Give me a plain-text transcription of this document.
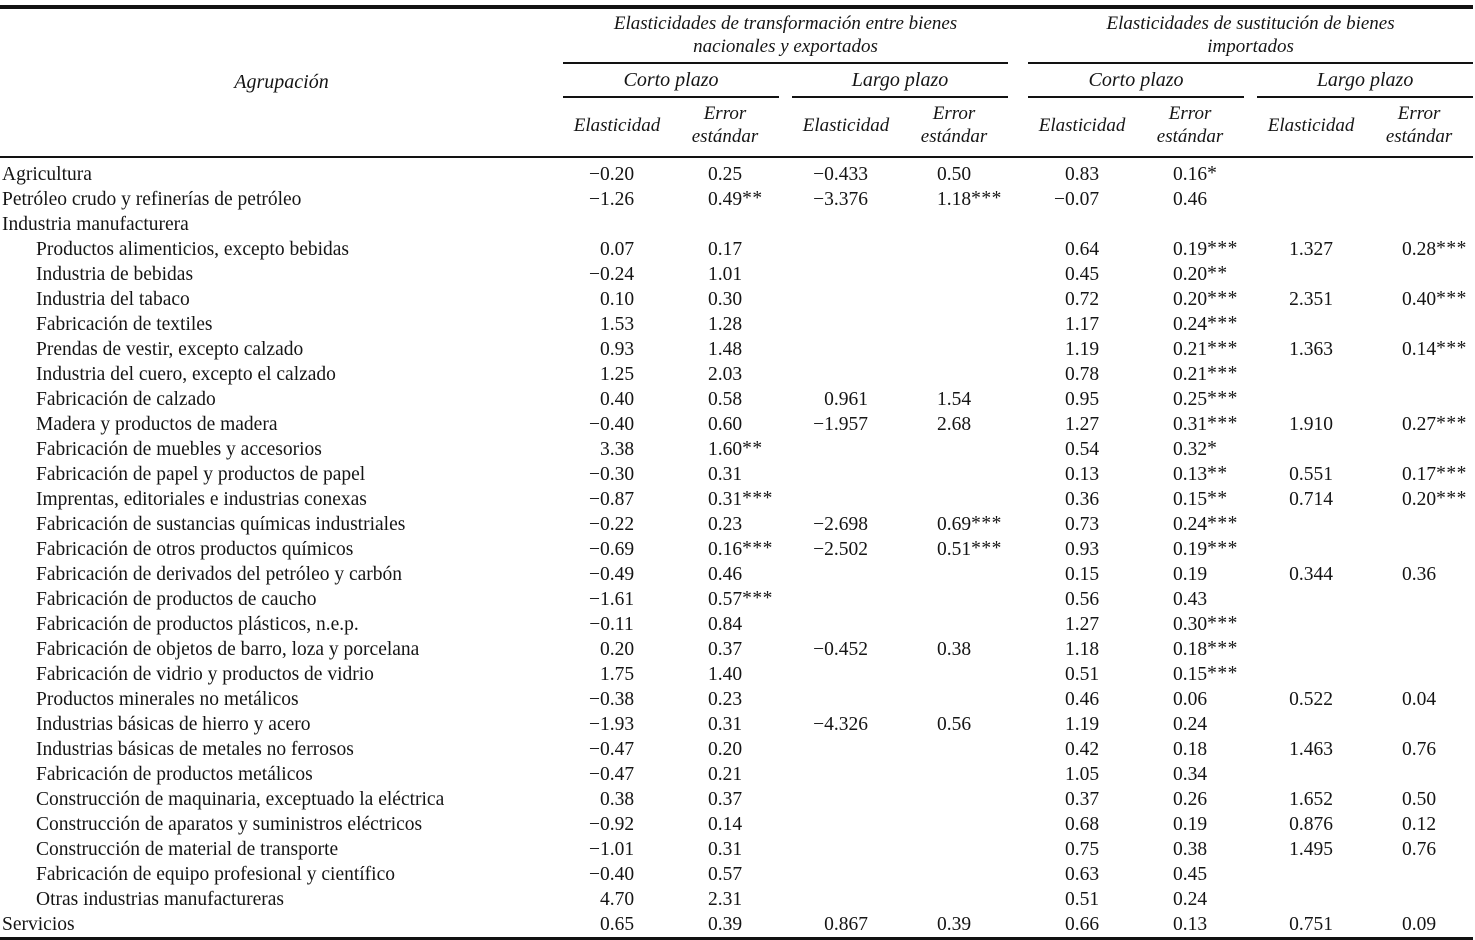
Agrupación	Elasticidades de transformación entre bienes nacionales y exportados						Elasticidades de sustitución de bienes importados				
	Corto plazo			Largo plazo			Corto plazo			Largo plazo	
	Elasticidad	Error estándar		Elasticidad	Error estándar		Elasticidad	Error estándar		Elasticidad	Error estándar
Agricultura	− 0.20	0.25		− 0.433	0.50		0.83	0.16 *			

Petróleo crudo y refinerías de petróleo	− 1.26	0.49 **		− 3.376	1.18 ***		− 0.07	0.46			
Industria manufacturera											
Productos alimenticios, excepto bebidas	0.07	0.17					0.64	0.19 ***		1.327	0.28 ***

Industria de bebidas	− 0.24	1.01					0.45	0.20 **			

Industria del tabaco	0.10	0.30					0.72	0.20 ***		2.351	0.40 ***

Fabricación de textiles	1.53	1.28					1.17	0.24 ***			

Prendas de vestir, excepto calzado	0.93	1.48					1.19	0.21 ***		1.363	0.14 ***

Industria del cuero, excepto el calzado	1.25	2.03					0.78	0.21 ***			

Fabricación de calzado	0.40	0.58		0.961	1.54		0.95	0.25 ***			

Madera y productos de madera	− 0.40	0.60		− 1.957	2.68		1.27	0.31 ***		1.910	0.27 ***

Fabricación de muebles y accesorios	3.38	1.60 **					0.54	0.32 *			

Fabricación de papel y productos de papel	− 0.30	0.31					0.13	0.13 **		0.551	0.17 ***

Imprentas, editoriales e industrias conexas	− 0.87	0.31 ***					0.36	0.15 **		0.714	0.20 ***

Fabricación de sustancias químicas industriales	− 0.22	0.23		− 2.698	0.69 ***		0.73	0.24 ***			

Fabricación de otros productos químicos	− 0.69	0.16 ***		− 2.502	0.51 ***		0.93	0.19 ***			

Fabricación de derivados del petróleo y carbón	− 0.49	0.46					0.15	0.19		0.344	0.36
Fabricación de productos de caucho	− 1.61	0.57 ***					0.56	0.43			
Fabricación de productos plásticos, n.e.p.	− 0.11	0.84					1.27	0.30 ***			

Fabricación de objetos de barro, loza y porcelana	0.20	0.37		− 0.452	0.38		1.18	0.18 ***			

Fabricación de vidrio y productos de vidrio	1.75	1.40					0.51	0.15 ***			

Productos minerales no metálicos	− 0.38	0.23					0.46	0.06		0.522	0.04
Industrias básicas de hierro y acero	− 1.93	0.31		− 4.326	0.56		1.19	0.24			
Industrias básicas de metales no ferrosos	− 0.47	0.20					0.42	0.18		1.463	0.76
Fabricación de productos metálicos	− 0.47	0.21					1.05	0.34			
Construcción de maquinaria, exceptuado la eléctrica	0.38	0.37					0.37	0.26		1.652	0.50
Construcción de aparatos y suministros eléctricos	− 0.92	0.14					0.68	0.19		0.876	0.12
Construcción de material de transporte	− 1.01	0.31					0.75	0.38		1.495	0.76
Fabricación de equipo profesional y científico	− 0.40	0.57					0.63	0.45			
Otras industrias manufactureras	4.70	2.31					0.51	0.24			
Servicios	0.65	0.39		0.867	0.39		0.66	0.13		0.751	0.09
